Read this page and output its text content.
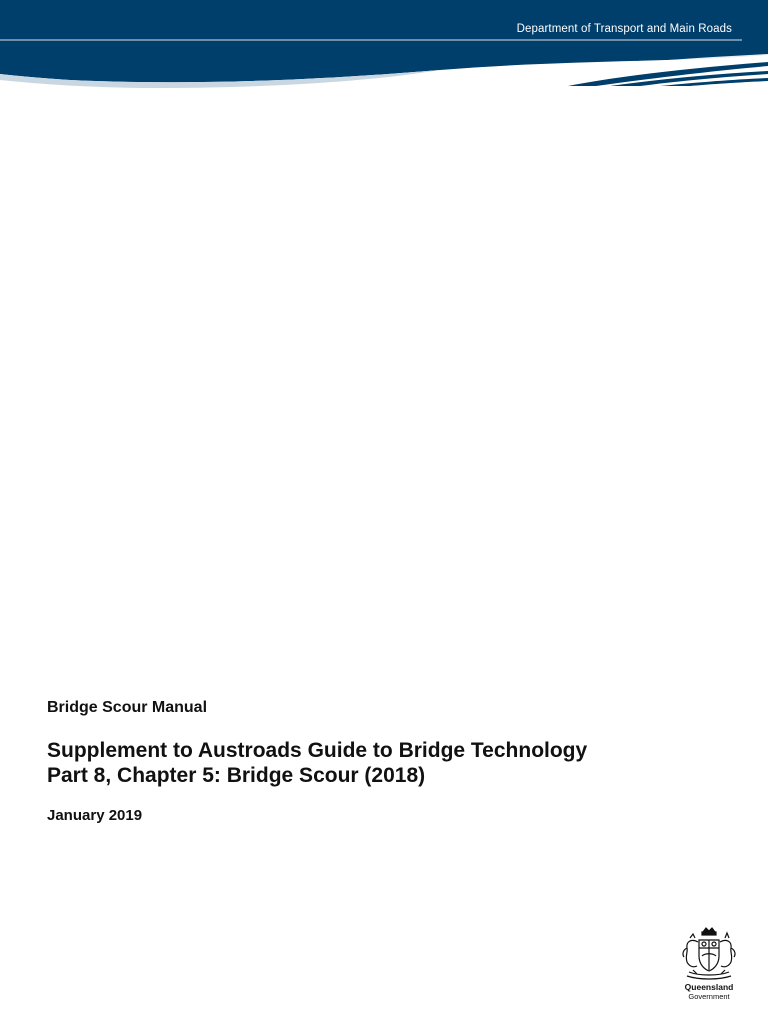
Department of Transport and Main Roads

Bridge Scour Manual

Supplement to Austroads Guide to Bridge Technology
Part 8, Chapter 5: Bridge Scour (2018)

January 2019

Queensland
Government
